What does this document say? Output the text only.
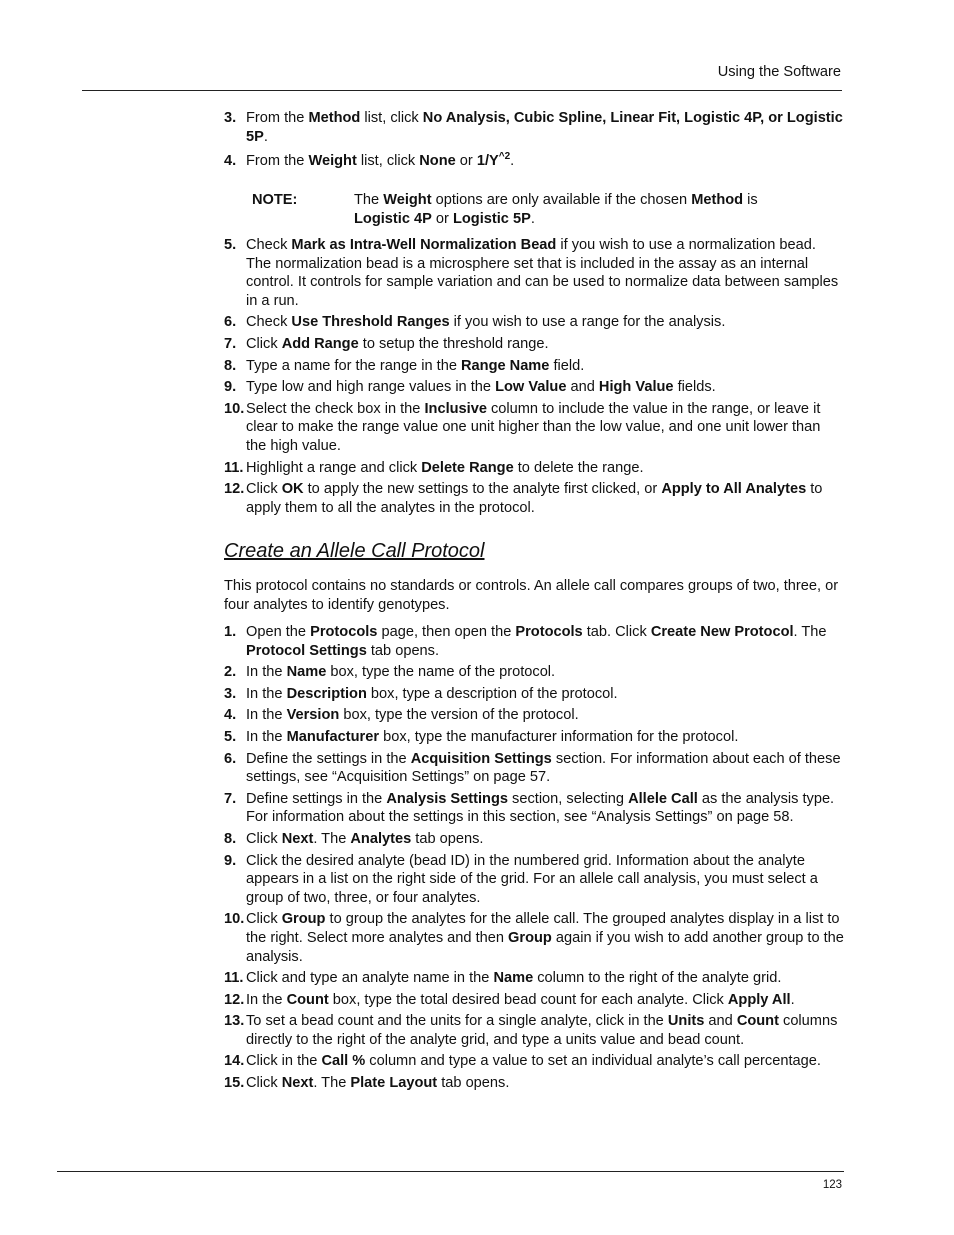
Using the Software
3. From the Method list, click No Analysis, Cubic Spline, Linear Fit, Logistic 4P, or Logistic 5P.
4. From the Weight list, click None or $1/Y^{\^{}2}$.
NOTE:	The Weight options are only available if the chosen Method is Logistic 4P or Logistic 5P.
5. Check Mark as Intra-Well Normalization Bead if you wish to use a normalization bead. The normalization bead is a microsphere set that is included in the assay as an internal control. It controls for sample variation and can be used to normalize data between samples in a run.
6. Check Use Threshold Ranges if you wish to use a range for the analysis.
7. Click Add Range to setup the threshold range.
8. Type a name for the range in the Range Name field.
9. Type low and high range values in the Low Value and High Value fields.
10. Select the check box in the Inclusive column to include the value in the range, or leave it clear to make the range value one unit higher than the low value, and one unit lower than the high value.
11. Highlight a range and click Delete Range to delete the range.
12. Click OK to apply the new settings to the analyte first clicked, or Apply to All Analytes to apply them to all the analytes in the protocol.
Create an Allele Call Protocol

This protocol contains no standards or controls. An allele call compares groups of two, three, or four analytes to identify genotypes.

1. Open the Protocols page, then open the Protocols tab. Click Create New Protocol. The Protocol Settings tab opens.
2. In the Name box, type the name of the protocol.
3. In the Description box, type a description of the protocol.
4. In the Version box, type the version of the protocol.
5. In the Manufacturer box, type the manufacturer information for the protocol.
6. Define the settings in the Acquisition Settings section. For information about each of these settings, see “Acquisition Settings” on page 57.
7. Define settings in the Analysis Settings section, selecting Allele Call as the analysis type. For information about the settings in this section, see “Analysis Settings” on page 58.
8. Click Next. The Analytes tab opens.
9. Click the desired analyte (bead ID) in the numbered grid. Information about the analyte appears in a list on the right side of the grid. For an allele call analysis, you must select a group of two, three, or four analytes.
10. Click Group to group the analytes for the allele call. The grouped analytes display in a list to the right. Select more analytes and then Group again if you wish to add another group to the analysis.
11. Click and type an analyte name in the Name column to the right of the analyte grid.
12. In the Count box, type the total desired bead count for each analyte. Click Apply All.
13. To set a bead count and the units for a single analyte, click in the Units and Count columns directly to the right of the analyte grid, and type a units value and bead count.
14. Click in the Call % column and type a value to set an individual analyte’s call percentage.
15. Click Next. The Plate Layout tab opens.
123
